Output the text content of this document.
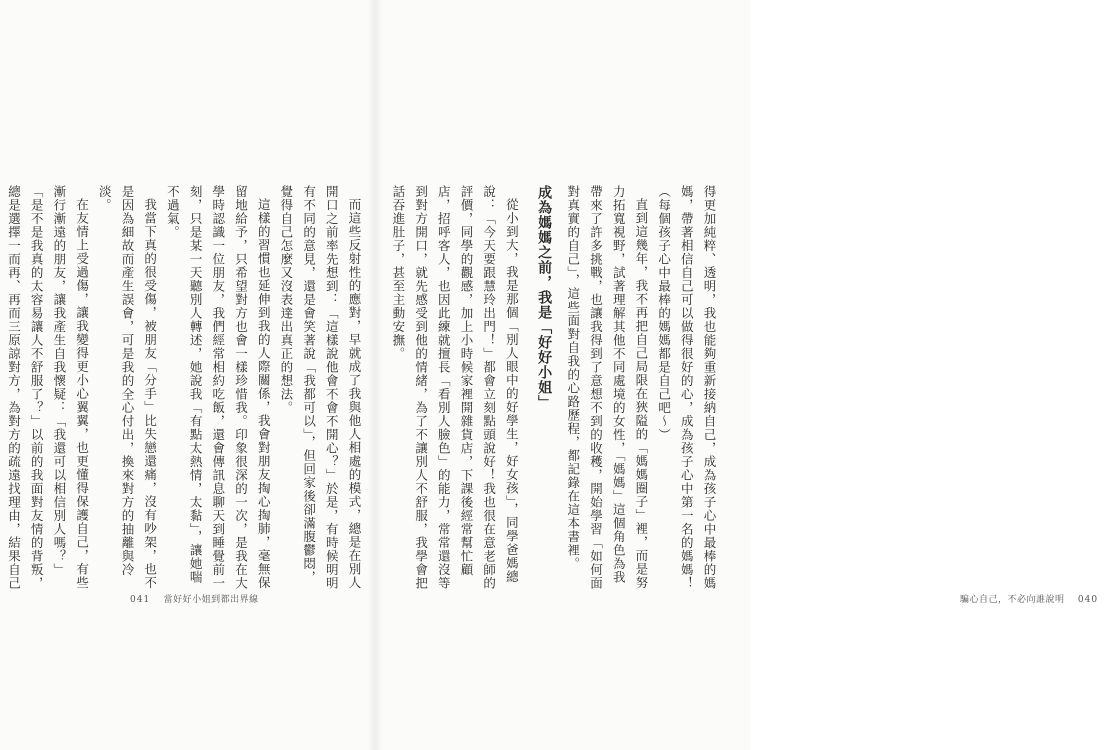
而這些反射性的應對，早就成了我與他人相處的模式，總是在別人開口之前率先想到：「這樣說他會不會不開心？」於是，有時候明明有不同的意見，還是會笑著說「我都可以」，但回家後卻滿腹鬱悶，覺得自己怎麼又沒表達出真正的想法。

這樣的習慣也延伸到我的人際關係，我會對朋友掏心掏肺，毫無保留地給予，只希望對方也會一樣珍惜我。印象很深的一次，是我在大學時認識一位朋友，我們經常相約吃飯，還會傳訊息聊天到睡覺前一刻，只是某一天聽別人轉述，她說我「有點太熱情，太黏」，讓她喘不過氣。

我當下真的很受傷，被朋友「分手」比失戀還痛，沒有吵架，也不是因為細故而產生誤會，可是我的全心付出，換來對方的抽離與冷淡。

在友情上受過傷，讓我變得更小心翼翼，也更懂得保護自己，有些漸行漸遠的朋友，讓我產生自我懷疑：「我還可以相信別人嗎？」「是不是我真的太容易讓人不舒服了？」以前的我面對友情的背叛，總是選擇一而再、再而三原諒對方，為對方的疏遠找理由，結果自己

041 當好好小姐到都出界線

得更加純粹、透明，我也能夠重新接納自己，成為孩子心中最棒的媽媽，帶著相信自己可以做得很好的心，成為孩子心中第一名的媽媽！（每個孩子心中最棒的媽媽都是自己吧～）

直到這幾年，我不再把自己局限在狹隘的「媽媽圈子」裡，而是努力拓寬視野，試著理解其他不同處境的女性，「媽媽」這個角色為我帶來了許多挑戰，也讓我得到了意想不到的收穫，開始學習「如何面對真實的自己」，這些面對自我的心路歷程，都記錄在這本書裡。

成為媽媽之前，我是「好好小姐」

從小到大，我是那個「別人眼中的好學生，好女孩」，同學爸媽總說：「今天要跟慧玲出門！」都會立刻點頭說好！我也很在意老師的評價，同學的觀感，加上小時候家裡開雜貨店，下課後經常幫忙顧店，招呼客人，也因此練就擅長「看別人臉色」的能力，常常還沒等到對方開口，就先感受到他的情緒，為了不讓別人不舒服，我學會把話吞進肚子，甚至主動安撫。

騙心自己，不必向誰說明 040
